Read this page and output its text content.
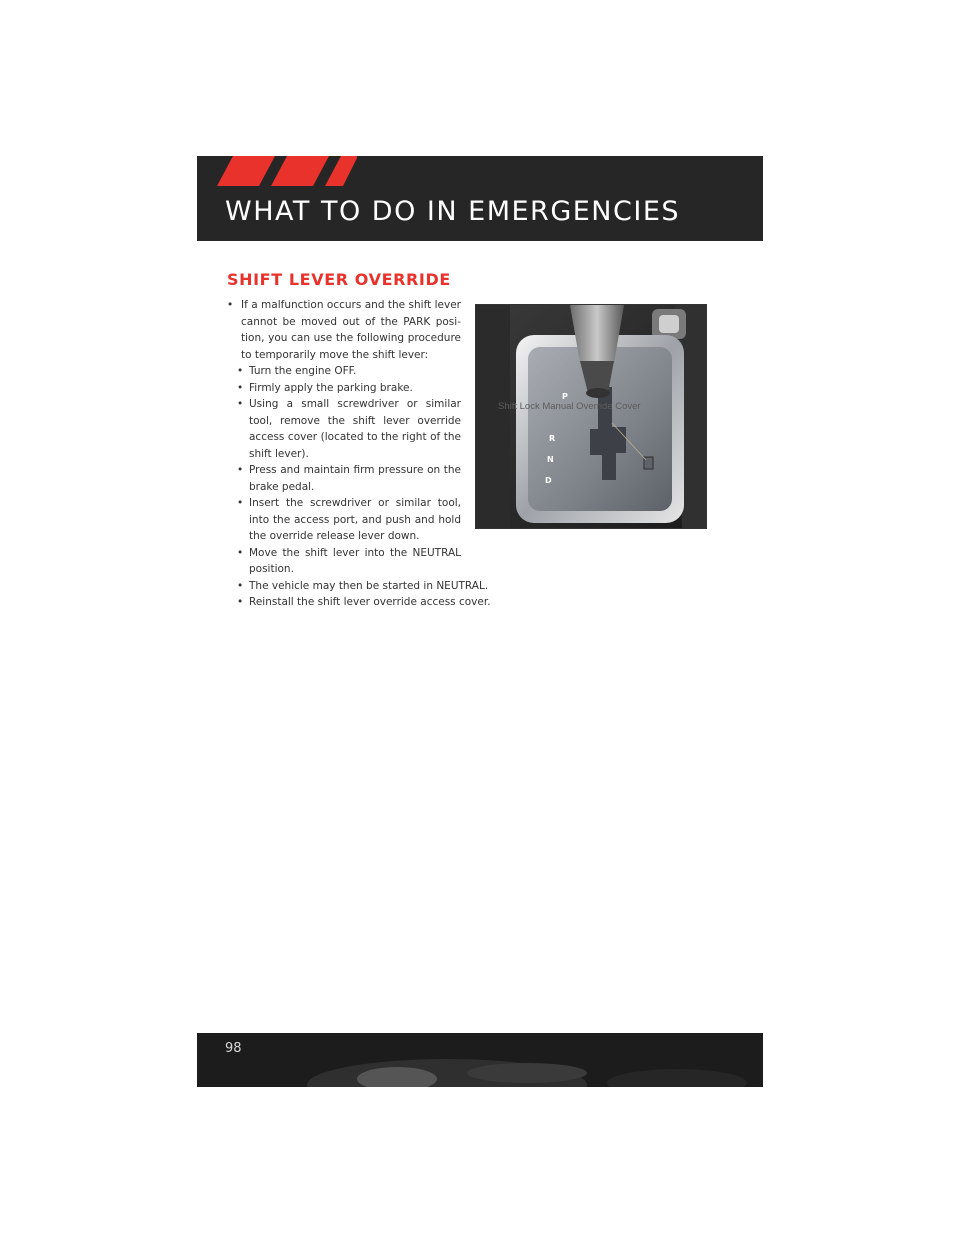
WHAT TO DO IN EMERGENCIES
SHIFT LEVER OVERRIDE

• If a malfunction occurs and the shift lever cannot be moved out of the PARK posi-tion, you can use the following procedure to temporarily move the shift lever:

• Turn the engine OFF.
• Firmly apply the parking brake.
• Using a small screwdriver or similar tool, remove the shift lever override access cover (located to the right of the shift lever).
• Press and maintain firm pressure on the brake pedal.
• Insert the screwdriver or similar tool, into the access port, and push and hold the override release lever down.
• Move the shift lever into the NEUTRAL position.
• The vehicle may then be started in NEUTRAL.
• Reinstall the shift lever override access cover.
P
R
N
D
Shift Lock Manual Override Cover
98
